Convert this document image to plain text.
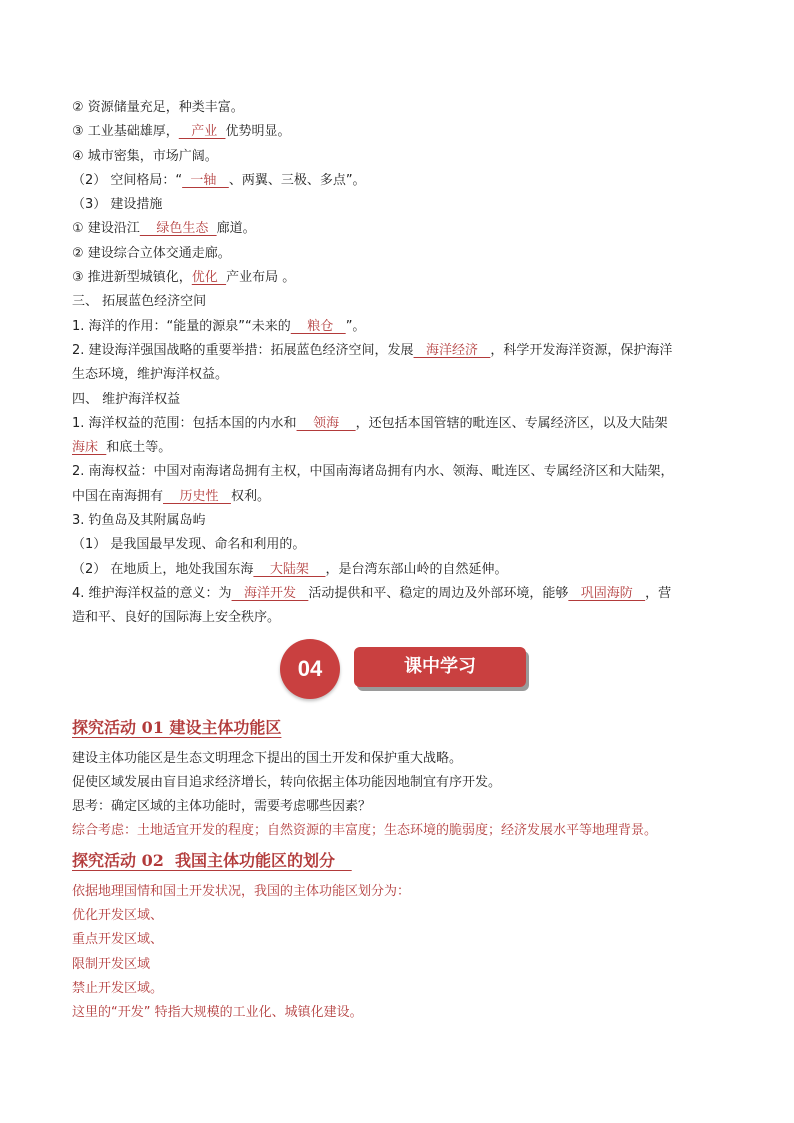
② 资源储量充足，种类丰富。
③ 工业基础雄厚，   产业  优势明显。
④ 城市密集，市场广阔。
（2） 空间格局：“  一轴   、两翼、三极、多点”。
（3） 建设措施
① 建设沿江    绿色生态  廊道。
② 建设综合立体交通走廊。
③ 推进新型城镇化，优化  产业布局 。
三、 拓展蓝色经济空间
1. 海洋的作用：“能量的源泉”“未来的    粮仓   ”。
2. 建设海洋强国战略的重要举措：拓展蓝色经济空间，发展   海洋经济   ，科学开发海洋资源，保护海洋
生态环境，维护海洋权益。
四、 维护海洋权益
1. 海洋权益的范围：包括本国的内水和    领海    ，还包括本国管辖的毗连区、专属经济区，以及大陆架
海床  和底土等。
2. 南海权益：中国对南海诸岛拥有主权，中国南海诸岛拥有内水、领海、毗连区、专属经济区和大陆架，
中国在南海拥有    历史性   权利。
3. 钓鱼岛及其附属岛屿
（1） 是我国最早发现、命名和利用的。
（2） 在地质上，地处我国东海    大陆架    ，是台湾东部山岭的自然延伸。
4. 维护海洋权益的意义：为   海洋开发   活动提供和平、稳定的周边及外部环境，能够   巩固海防   ，营
造和平、良好的国际海上安全秩序。
04	课中学习
探究活动 01 建设主体功能区
建设主体功能区是生态文明理念下提出的国土开发和保护重大战略。
促使区域发展由盲目追求经济增长，转向依据主体功能因地制宜有序开发。
思考：确定区域的主体功能时，需要考虑哪些因素？
综合考虑：土地适宜开发的程度；自然资源的丰富度；生态环境的脆弱度；经济发展水平等地理背景。
探究活动 02  我国主体功能区的划分
依据地理国情和国土开发状况，我国的主体功能区划分为：
优化开发区域、
重点开发区域、
限制开发区域
禁止开发区域。
这里的“开发” 特指大规模的工业化、城镇化建设。
